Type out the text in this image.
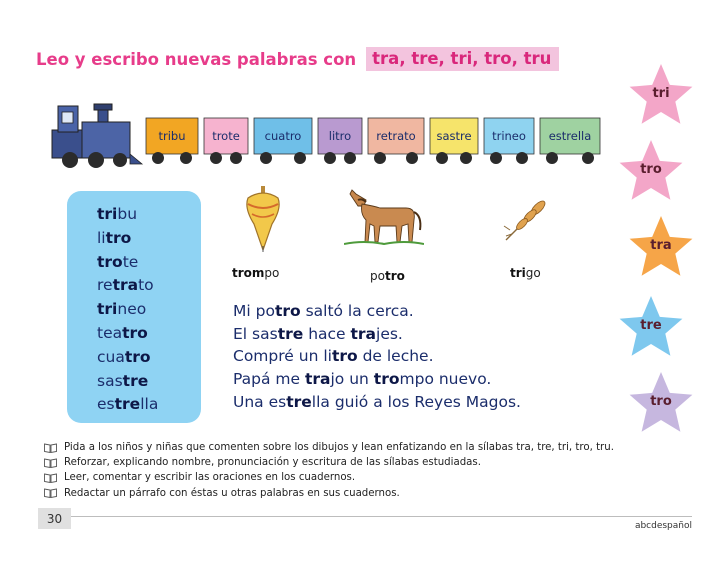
Leo y escribo nuevas palabras con tra, tre, tri, tro, tru
tribu trote cuatro litro retrato sastre trineo estrella
tri
tro
tra
tre
tro
tribu
litro
trote
retrato
trineo
teatro
cuatro
sastre
estrella
trompo	potro	trigo
Mi potro saltó la cerca.
El sastre hace trajes.
Compré un litro de leche.
Papá me trajo un trompo nuevo.
Una estrella guió a los Reyes Magos.
Pida a los niños y niñas que comenten sobre los dibujos y lean enfatizando en la sílabas tra, tre, tri, tro, tru.
Reforzar, explicando nombre, pronunciación y escritura de las sílabas estudiadas.
Leer, comentar y escribir las oraciones en los cuadernos.
Redactar un párrafo con éstas u otras palabras en sus cuadernos.
30	abcdespañol
